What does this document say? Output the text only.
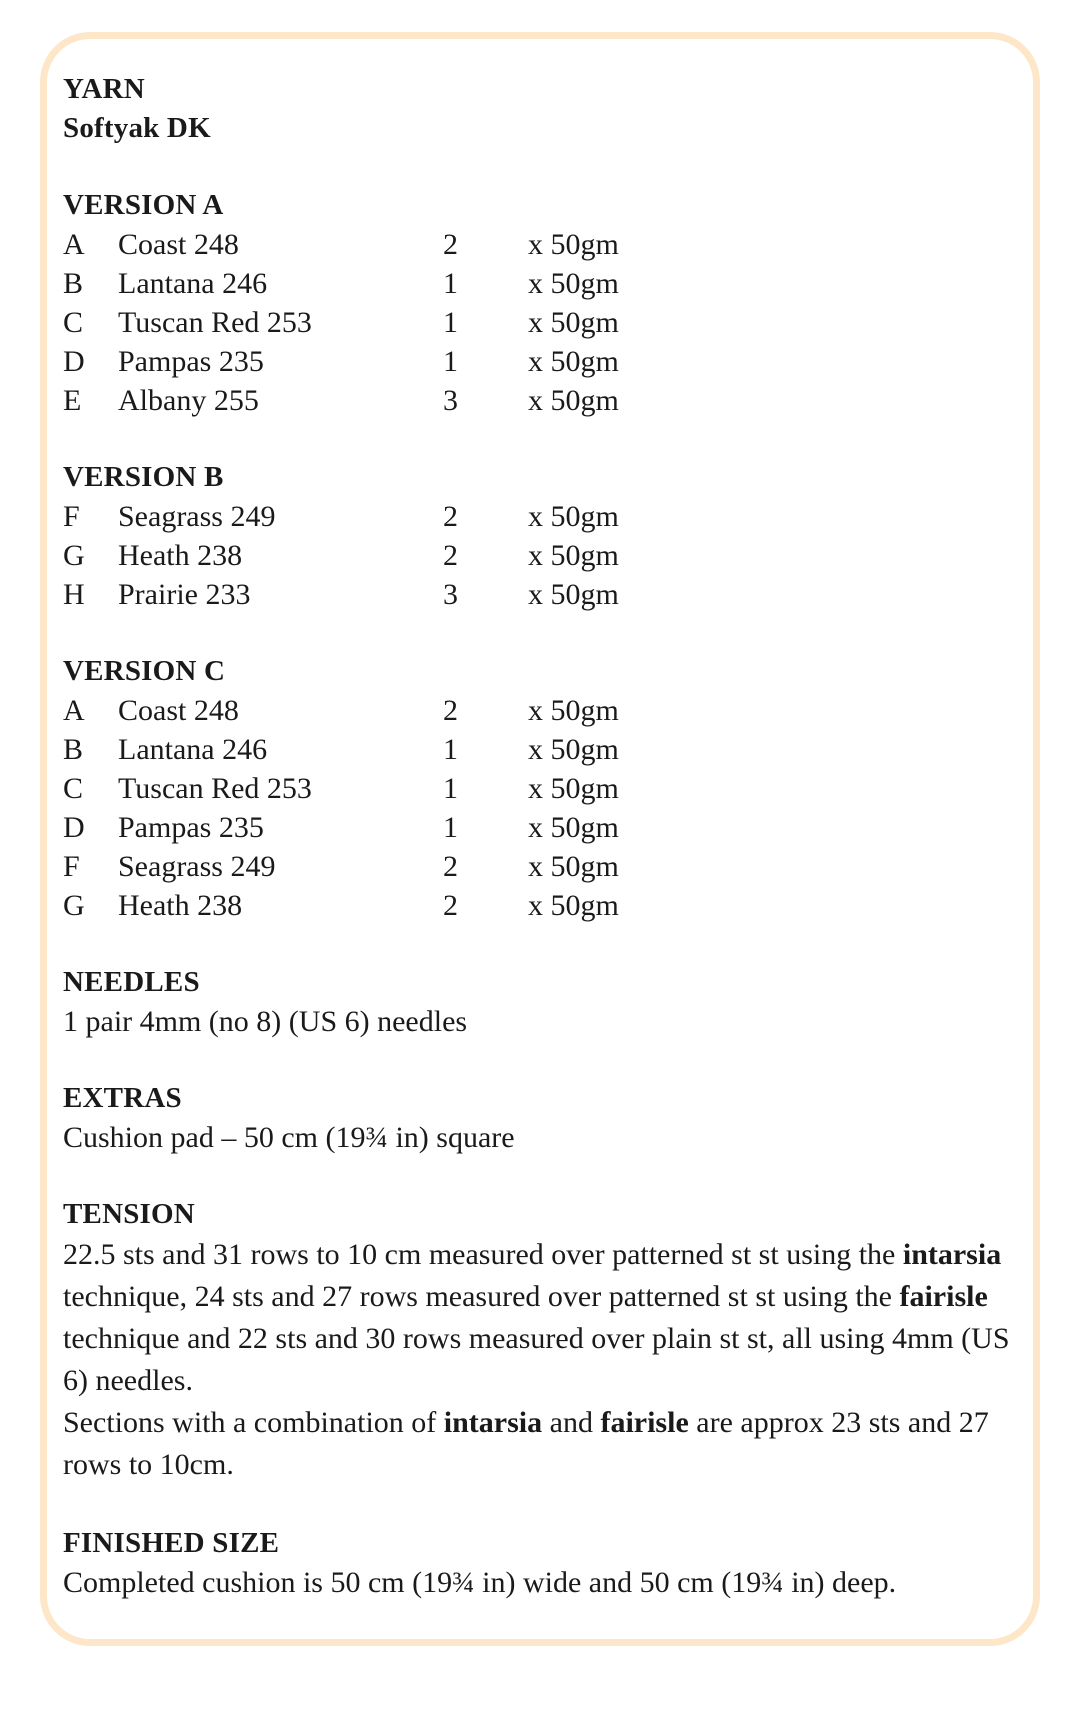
YARN
Softyak DK
VERSION A
A	Coast 248	2	x 50gm
B	Lantana 246	1	x 50gm
C	Tuscan Red 253	1	x 50gm
D	Pampas 235	1	x 50gm
E	Albany 255	3	x 50gm
VERSION B
F	Seagrass 249	2	x 50gm
G	Heath 238	2	x 50gm
H	Prairie 233	3	x 50gm
VERSION C
A	Coast 248	2	x 50gm
B	Lantana 246	1	x 50gm
C	Tuscan Red 253	1	x 50gm
D	Pampas 235	1	x 50gm
F	Seagrass 249	2	x 50gm
G	Heath 238	2	x 50gm
NEEDLES
1 pair 4mm (no 8) (US 6) needles
EXTRAS
Cushion pad – 50 cm (19¾ in) square
TENSION
22.5 sts and 31 rows to 10 cm measured over patterned st st using the intarsia technique, 24 sts and 27 rows measured over patterned st st using the fairisle technique and 22 sts and 30 rows measured over plain st st, all using 4mm (US 6) needles.
Sections with a combination of intarsia and fairisle are approx 23 sts and 27 rows to 10cm.
FINISHED SIZE
Completed cushion is 50 cm (19¾ in) wide and 50 cm (19¾ in) deep.
